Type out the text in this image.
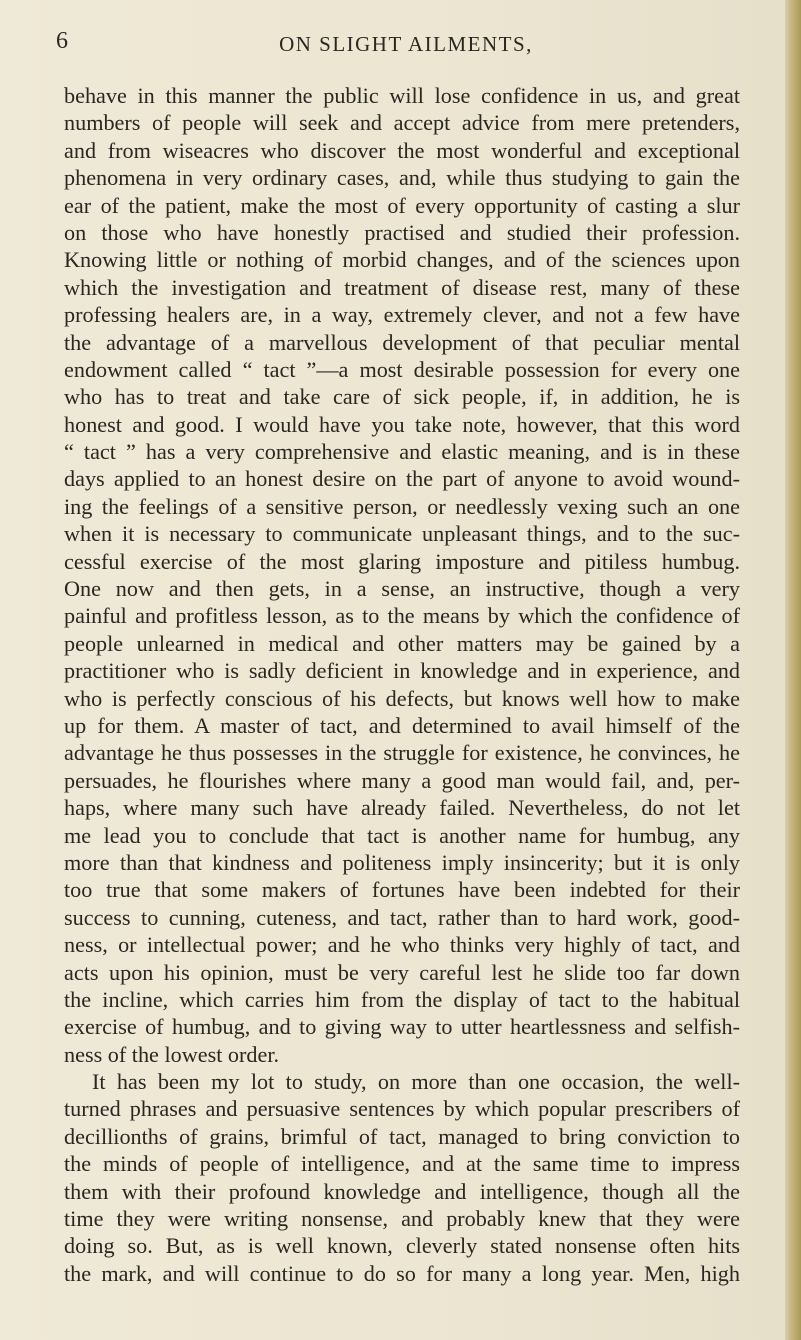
6	ON SLIGHT AILMENTS,
behave in this manner the public will lose confidence in us, and great
numbers of people will seek and accept advice from mere pretenders,
and from wiseacres who discover the most wonderful and exceptional
phenomena in very ordinary cases, and, while thus studying to gain the
ear of the patient, make the most of every opportunity of casting a slur
on those who have honestly practised and studied their profession.
Knowing little or nothing of morbid changes, and of the sciences upon
which the investigation and treatment of disease rest, many of these
professing healers are, in a way, extremely clever, and not a few have
the advantage of a marvellous development of that peculiar mental
endowment called “ tact ”—a most desirable possession for every one
who has to treat and take care of sick people, if, in addition, he is
honest and good. I would have you take note, however, that this word
“ tact ” has a very comprehensive and elastic meaning, and is in these
days applied to an honest desire on the part of anyone to avoid wound-
ing the feelings of a sensitive person, or needlessly vexing such an one
when it is necessary to communicate unpleasant things, and to the suc-
cessful exercise of the most glaring imposture and pitiless humbug.
One now and then gets, in a sense, an instructive, though a very
painful and profitless lesson, as to the means by which the confidence of
people unlearned in medical and other matters may be gained by a
practitioner who is sadly deficient in knowledge and in experience, and
who is perfectly conscious of his defects, but knows well how to make
up for them. A master of tact, and determined to avail himself of the
advantage he thus possesses in the struggle for existence, he convinces, he
persuades, he flourishes where many a good man would fail, and, per-
haps, where many such have already failed. Nevertheless, do not let
me lead you to conclude that tact is another name for humbug, any
more than that kindness and politeness imply insincerity; but it is only
too true that some makers of fortunes have been indebted for their
success to cunning, cuteness, and tact, rather than to hard work, good-
ness, or intellectual power; and he who thinks very highly of tact, and
acts upon his opinion, must be very careful lest he slide too far down
the incline, which carries him from the display of tact to the habitual
exercise of humbug, and to giving way to utter heartlessness and selfish-
ness of the lowest order.
It has been my lot to study, on more than one occasion, the well-
turned phrases and persuasive sentences by which popular prescribers of
decillionths of grains, brimful of tact, managed to bring conviction to
the minds of people of intelligence, and at the same time to impress
them with their profound knowledge and intelligence, though all the
time they were writing nonsense, and probably knew that they were
doing so. But, as is well known, cleverly stated nonsense often hits
the mark, and will continue to do so for many a long year. Men, high
